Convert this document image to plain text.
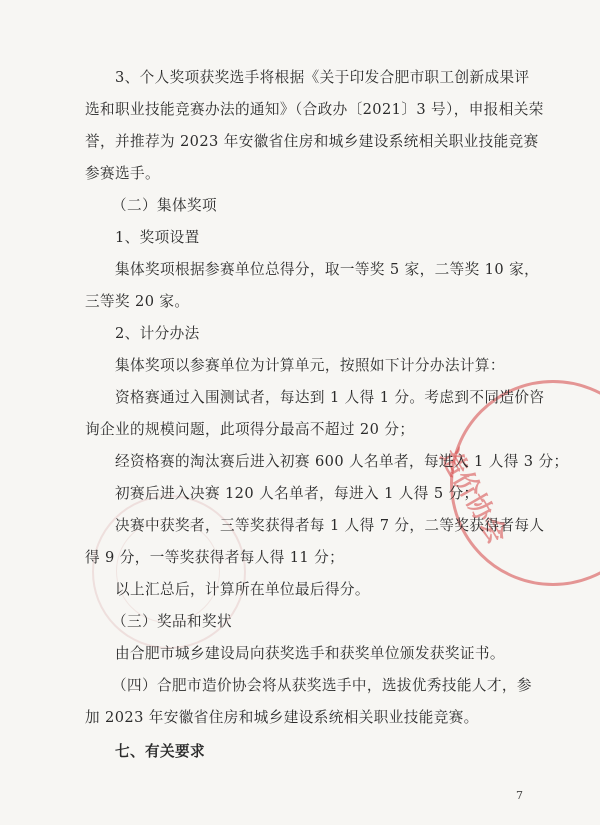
造价协会
3、个人奖项获奖选手将根据《关于印发合肥市职工创新成果评
选和职业技能竞赛办法的通知》（合政办〔2021〕3 号），申报相关荣
誉，并推荐为 2023 年安徽省住房和城乡建设系统相关职业技能竞赛
参赛选手。
（二）集体奖项
1、奖项设置
集体奖项根据参赛单位总得分，取一等奖 5 家，二等奖 10 家，
三等奖 20 家。
2、计分办法
集体奖项以参赛单位为计算单元，按照如下计分办法计算：
资格赛通过入围测试者，每达到 1 人得 1 分。考虑到不同造价咨
询企业的规模问题，此项得分最高不超过 20 分；
经资格赛的淘汰赛后进入初赛 600 人名单者，每进入 1 人得 3 分；
初赛后进入决赛 120 人名单者，每进入 1 人得 5 分；
决赛中获奖者，三等奖获得者每 1 人得 7 分，二等奖获得者每人
得 9 分，一等奖获得者每人得 11 分；
以上汇总后，计算所在单位最后得分。
（三）奖品和奖状
由合肥市城乡建设局向获奖选手和获奖单位颁发获奖证书。
（四）合肥市造价协会将从获奖选手中，选拔优秀技能人才，参
加 2023 年安徽省住房和城乡建设系统相关职业技能竞赛。
七、有关要求
7
